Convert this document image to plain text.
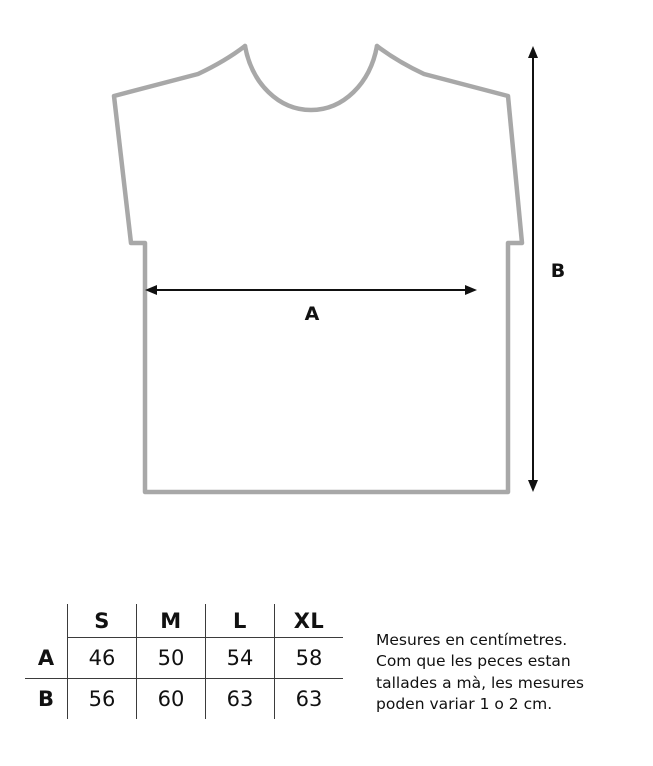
A
B
	S	M	L	XL
A	46	50	54	58
B	56	60	63	63

Mesures en centímetres.

Com que les peces estan

tallades a mà, les mesures

poden variar 1 o 2 cm.
